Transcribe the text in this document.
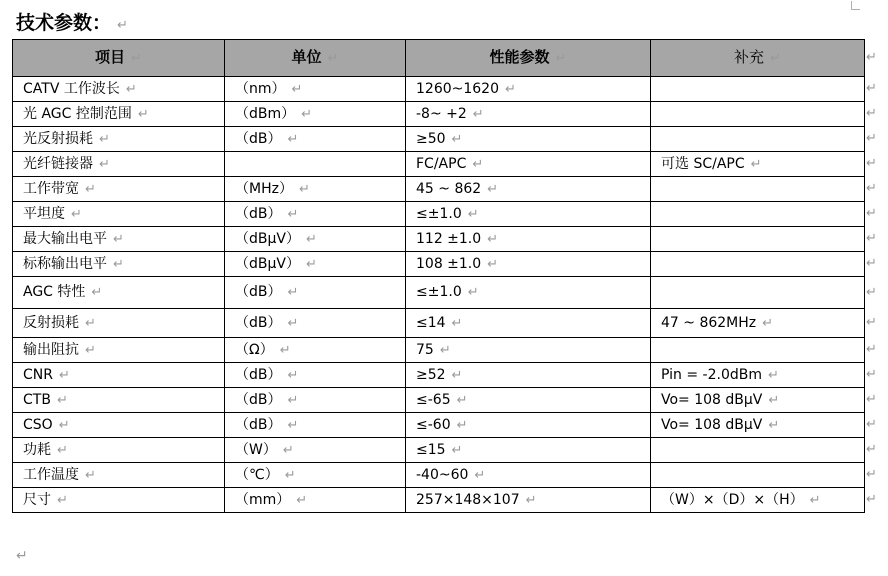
技术参数： ↵
项目 ↵	单位 ↵	性能参数 ↵	补充 ↵
CATV 工作波长 ↵	（nm） ↵	1260~1620 ↵	
光 AGC 控制范围 ↵	（dBm） ↵	-8~ +2 ↵	
光反射损耗 ↵	（dB） ↵	≥50 ↵	
光纤链接器 ↵		FC/APC ↵	可选 SC/APC ↵
工作带宽 ↵	（MHz） ↵	45 ~ 862 ↵	
平坦度 ↵	（dB） ↵	≤±1.0 ↵	
最大输出电平 ↵	（dBμV） ↵	112 ±1.0 ↵	
标称输出电平 ↵	（dBμV） ↵	108 ±1.0 ↵	
AGC 特性 ↵	（dB） ↵	≤±1.0 ↵	
反射损耗 ↵	（dB） ↵	≤14 ↵	47 ~ 862MHz ↵
输出阻抗 ↵	（Ω） ↵	75 ↵	
CNR ↵	（dB） ↵	≥52 ↵	Pin = -2.0dBm ↵
CTB ↵	（dB） ↵	≤-65 ↵	Vo= 108 dBμV ↵
CSO ↵	（dB） ↵	≤-60 ↵	Vo= 108 dBμV ↵
功耗 ↵	（W） ↵	≤15 ↵	
工作温度 ↵	（℃） ↵	-40~60 ↵	
尺寸 ↵	（mm） ↵	257×148×107 ↵	（W）×（D）×（H） ↵
↵
↵
↵
↵
↵
↵
↵
↵
↵
↵
↵
↵
↵
↵
↵
↵
↵
↵
↵
